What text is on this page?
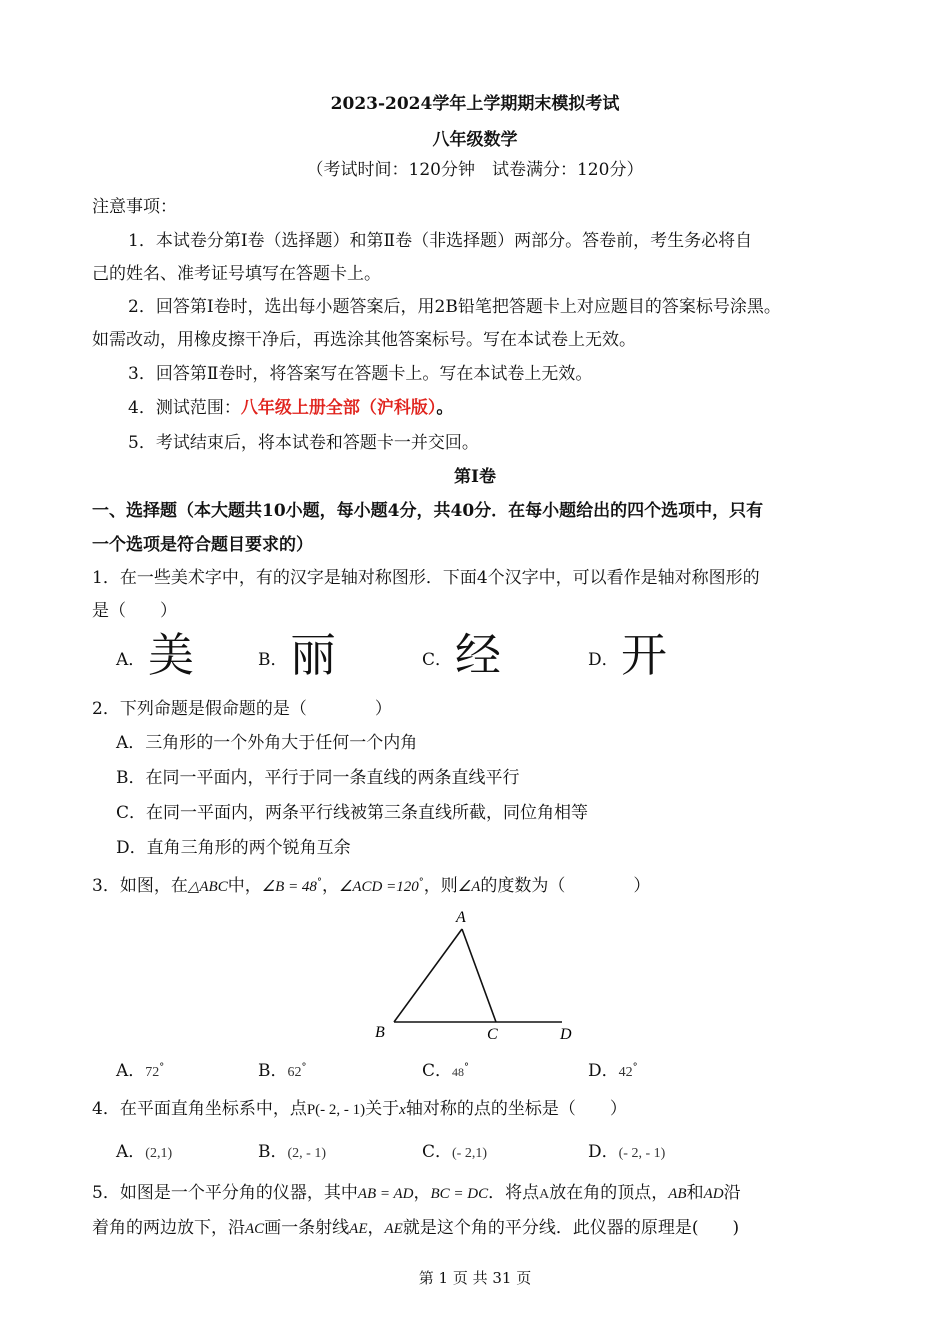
2023-2024学年上学期期末模拟考试
八年级数学
（考试时间：120分钟　试卷满分：120分）
注意事项：
1．本试卷分第Ⅰ卷（选择题）和第Ⅱ卷（非选择题）两部分。答卷前，考生务必将自
己的姓名、准考证号填写在答题卡上。
2．回答第Ⅰ卷时，选出每小题答案后，用2B铅笔把答题卡上对应题目的答案标号涂黑。
如需改动，用橡皮擦干净后，再选涂其他答案标号。写在本试卷上无效。
3．回答第Ⅱ卷时，将答案写在答题卡上。写在本试卷上无效。
4．测试范围：八年级上册全部（沪科版）。
5．考试结束后，将本试卷和答题卡一并交回。
第Ⅰ卷
一、选择题（本大题共10小题，每小题4分，共40分．在每小题给出的四个选项中，只有
一个选项是符合题目要求的）
1．在一些美术字中，有的汉字是轴对称图形．下面4个汉字中，可以看作是轴对称图形的
是（　　）
A． 美	B． 丽	C． 经	D． 开
2．下列命题是假命题的是（　　　　）
A．三角形的一个外角大于任何一个内角
B．在同一平面内，平行于同一条直线的两条直线平行
C．在同一平面内，两条平行线被第三条直线所截，同位角相等
D．直角三角形的两个锐角互余
3．如图，在△ABC中，∠B = 48°，∠ACD =120°，则∠A的度数为（　　　　）
A
B	C	D
A．72°	B．62°	C．48°	D．42°
4．在平面直角坐标系中，点P(- 2, - 1)关于x轴对称的点的坐标是（　　）
A．(2,1)	B．(2, - 1)	C．(- 2,1)	D．(- 2, - 1)
5．如图是一个平分角的仪器，其中AB = AD，BC = DC．将点A放在角的顶点，AB和AD沿
着角的两边放下，沿AC画一条射线AE，AE就是这个角的平分线．此仪器的原理是(　　)
第 1 页 共 31 页
